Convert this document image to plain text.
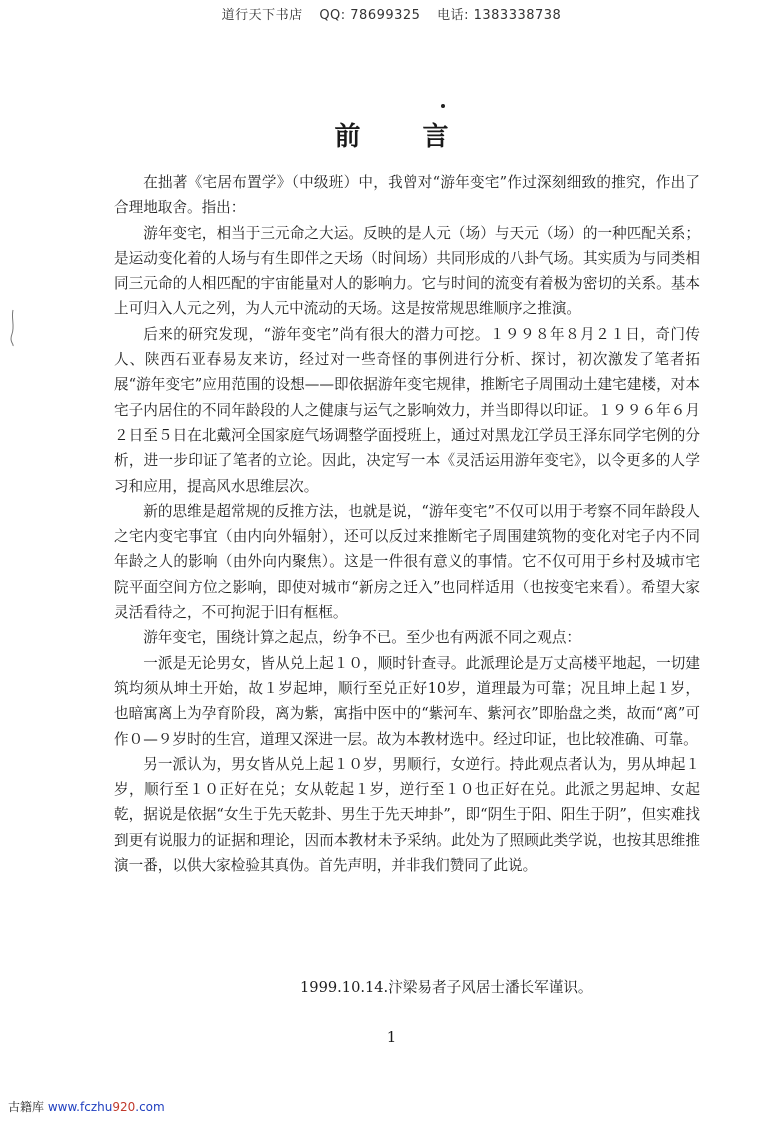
道行天下书店 QQ: 78699325 电话: 1383338738
前言

在拙著《宅居布置学》（中级班）中，我曾对“游年变宅”作过深刻细致的推究，作出了合理地取舍。指出：

游年变宅，相当于三元命之大运。反映的是人元（场）与天元（场）的一种匹配关系；是运动变化着的人场与有生即伴之天场（时间场）共同形成的八卦气场。其实质为与同类相同三元命的人相匹配的宇宙能量对人的影响力。它与时间的流变有着极为密切的关系。基本上可归入人元之列，为人元中流动的天场。这是按常规思维顺序之推演。

后来的研究发现，“游年变宅”尚有很大的潜力可挖。１９９８年８月２１日，奇门传人、陕西石亚春易友来访，经过对一些奇怪的事例进行分析、探讨，初次激发了笔者拓展“游年变宅”应用范围的设想——即依据游年变宅规律，推断宅子周围动土建宅建楼，对本宅子内居住的不同年龄段的人之健康与运气之影响效力，并当即得以印证。１９９６年６月２日至５日在北戴河全国家庭气场调整学面授班上，通过对黑龙江学员王泽东同学宅例的分析，进一步印证了笔者的立论。因此，决定写一本《灵活运用游年变宅》，以令更多的人学习和应用，提高风水思维层次。

新的思维是超常规的反推方法，也就是说，“游年变宅”不仅可以用于考察不同年龄段人之宅内变宅事宜（由内向外辐射），还可以反过来推断宅子周围建筑物的变化对宅子内不同年龄之人的影响（由外向内聚焦）。这是一件很有意义的事情。它不仅可用于乡村及城市宅院平面空间方位之影响，即使对城市“新房之迁入”也同样适用（也按变宅来看）。希望大家灵活看待之，不可拘泥于旧有框框。

游年变宅，围绕计算之起点，纷争不已。至少也有两派不同之观点：

一派是无论男女，皆从兑上起１０，顺时针查寻。此派理论是万丈高楼平地起，一切建筑均须从坤土开始，故１岁起坤，顺行至兑正好10岁，道理最为可靠；况且坤上起１岁，也暗寓离上为孕育阶段，离为紫，寓指中医中的“紫河车、紫河衣”即胎盘之类，故而“离”可作０—９岁时的生宫，道理又深进一层。故为本教材选中。经过印证，也比较准确、可靠。

另一派认为，男女皆从兑上起１０岁，男顺行，女逆行。持此观点者认为，男从坤起１岁，顺行至１０正好在兑；女从乾起１岁，逆行至１０也正好在兑。此派之男起坤、女起乾，据说是依据“女生于先天乾卦、男生于先天坤卦”，即“阴生于阳、阳生于阴”，但实难找到更有说服力的证据和理论，因而本教材未予采纳。此处为了照顾此类学说，也按其思维推演一番，以供大家检验其真伪。首先声明，并非我们赞同了此说。

1999.10.14.汴梁易者子风居士潘长军谨识。
1
古籍库 www.fczhu920.com
